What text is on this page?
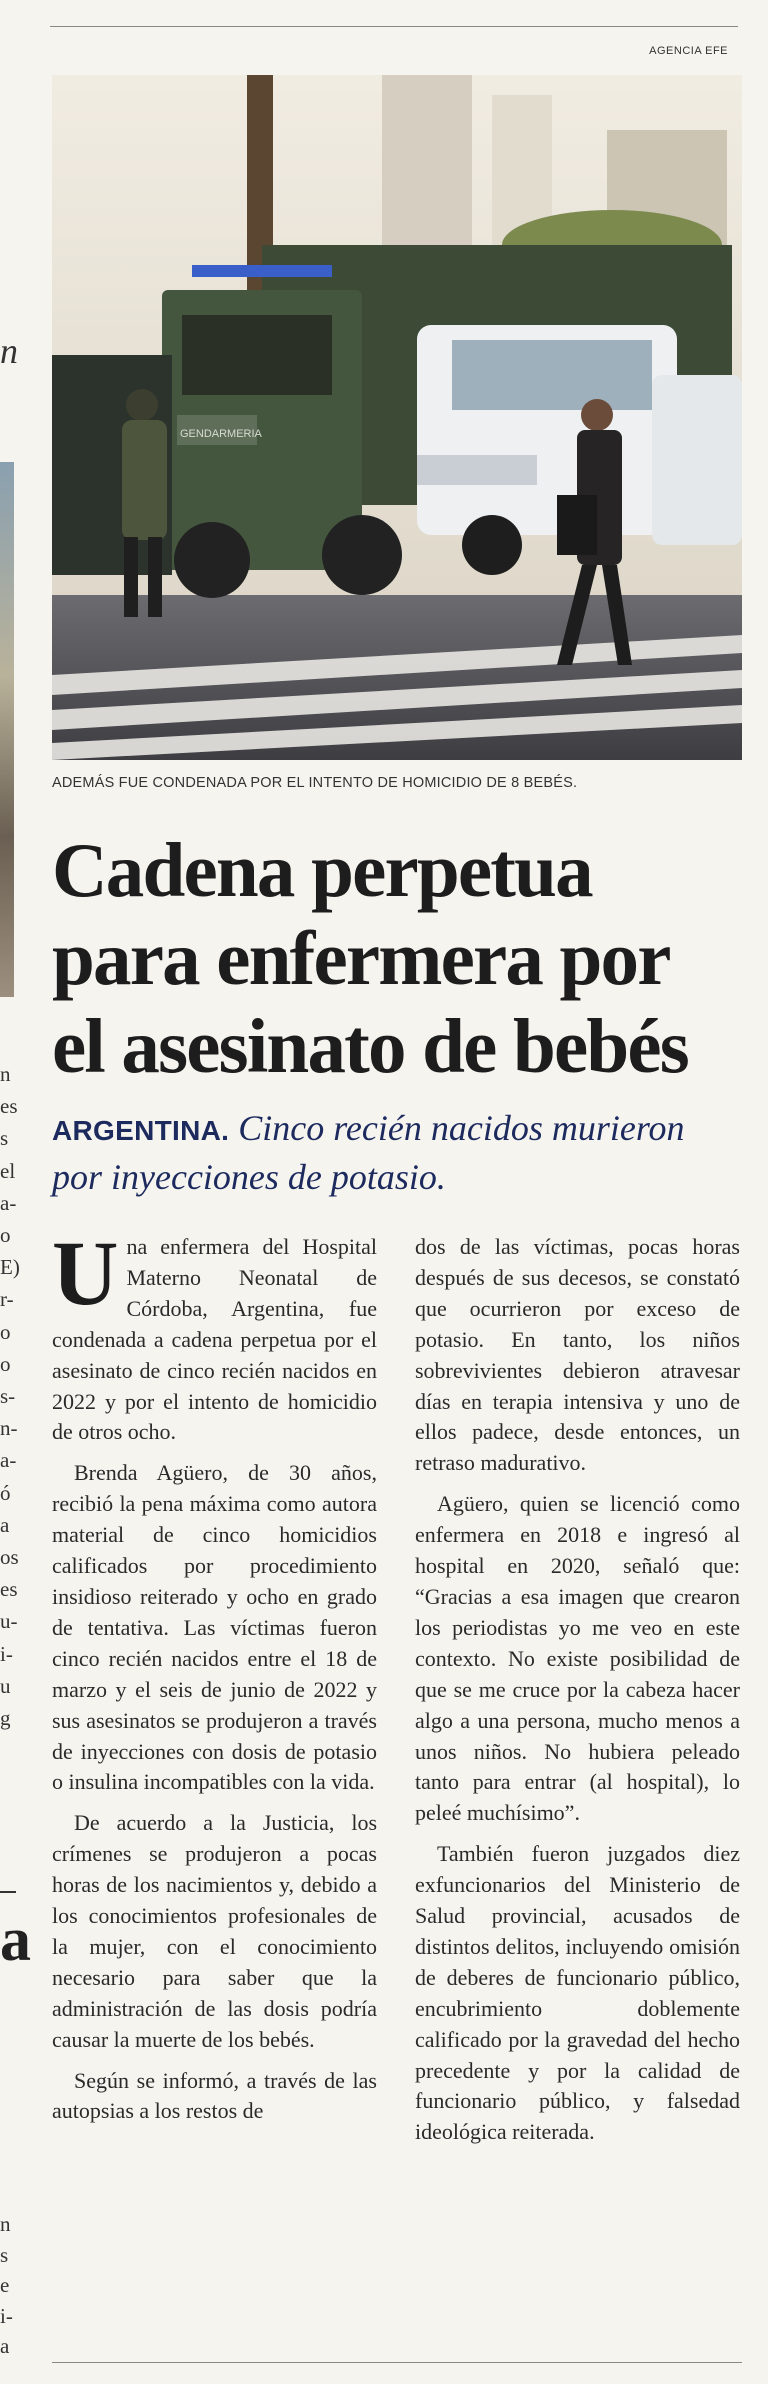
n
n
es
s
el
a-
o
E)
r-
o
o
s-
n-
a-
ó
a
os
es
u-
i-
u
g
a
n
s
e
i-
a
AGENCIA EFE
GENDARMERIA
ADEMÁS FUE CONDENADA POR EL INTENTO DE HOMICIDIO DE 8 BEBÉS.
Cadena perpetua
para enfermera por
el asesinato de bebés
ARGENTINA. Cinco recién nacidos murieron por inyecciones de potasio.

Una enfermera del Hospital Materno Neonatal de Córdoba, Argentina, fue condenada a cadena perpetua por el asesinato de cinco recién nacidos en 2022 y por el intento de homicidio de otros ocho.

Brenda Agüero, de 30 años, recibió la pena máxima como autora material de cinco homicidios calificados por procedimiento insidioso reiterado y ocho en grado de tentativa. Las víctimas fueron cinco recién nacidos entre el 18 de marzo y el seis de junio de 2022 y sus asesinatos se produjeron a través de inyecciones con dosis de potasio o insulina incompatibles con la vida.

De acuerdo a la Justicia, los crímenes se produjeron a pocas horas de los nacimientos y, debido a los conocimientos profesionales de la mujer, con el conocimiento necesario para saber que la administración de las dosis podría causar la muerte de los bebés.

Según se informó, a través de las autopsias a los restos de

dos de las víctimas, pocas horas después de sus decesos, se constató que ocurrieron por exceso de potasio. En tanto, los niños sobrevivientes debieron atravesar días en terapia intensiva y uno de ellos padece, desde entonces, un retraso madurativo.

Agüero, quien se licenció como enfermera en 2018 e ingresó al hospital en 2020, señaló que: “Gracias a esa imagen que crearon los periodistas yo me veo en este contexto. No existe posibilidad de que se me cruce por la cabeza hacer algo a una persona, mucho menos a unos niños. No hubiera peleado tanto para entrar (al hospital), lo peleé muchísimo”.

También fueron juzgados diez exfuncionarios del Ministerio de Salud provincial, acusados de distintos delitos, incluyendo omisión de deberes de funcionario público, encubrimiento doblemente calificado por la gravedad del hecho precedente y por la calidad de funcionario público, y falsedad ideológica reiterada.
